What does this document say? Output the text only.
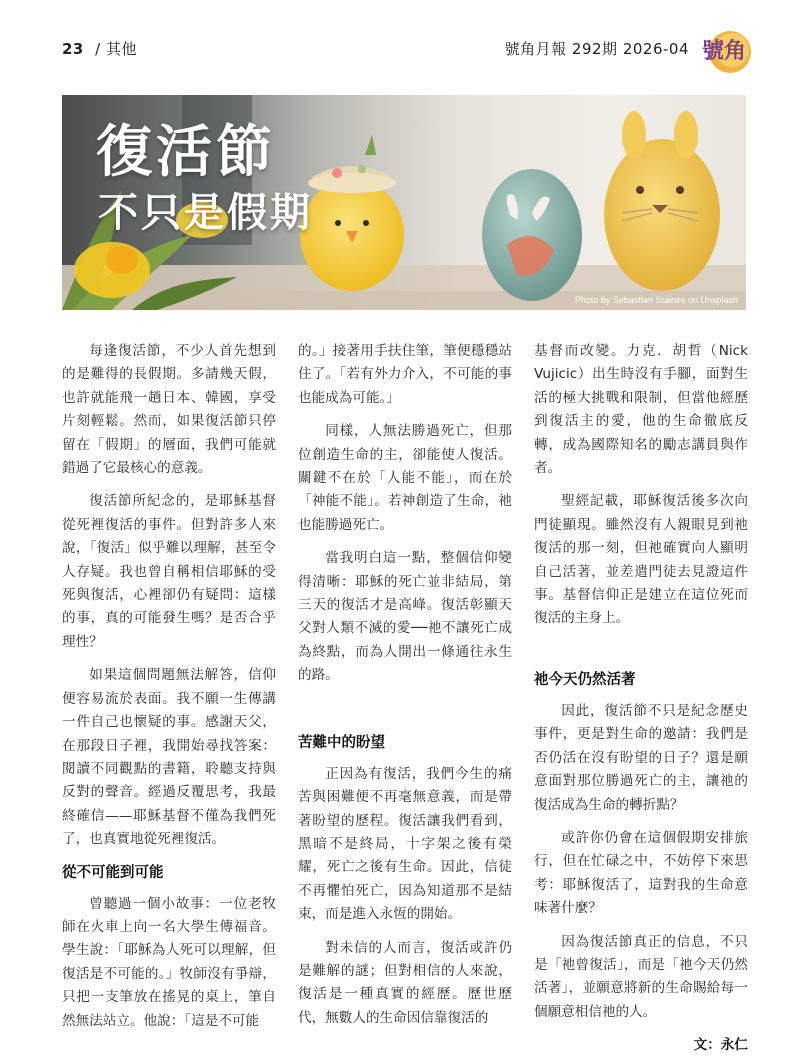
23 / 其他	號角月報 292期 2026-04 號角
復活節
不只是假期
Photo by Sebastian Staines on Unsplash

每逢復活節，不少人首先想到的是難得的長假期。多請幾天假，也許就能飛一趟日本、韓國，享受片刻輕鬆。然而，如果復活節只停留在「假期」的層面，我們可能就錯過了它最核心的意義。

復活節所紀念的，是耶穌基督從死裡復活的事件。但對許多人來說，「復活」似乎難以理解，甚至令人存疑。我也曾自稱相信耶穌的受死與復活，心裡卻仍有疑問：這樣的事，真的可能發生嗎？是否合乎理性？

如果這個問題無法解答，信仰便容易流於表面。我不願一生傳講一件自己也懷疑的事。感謝天父，在那段日子裡，我開始尋找答案：閱讀不同觀點的書籍，聆聽支持與反對的聲音。經過反覆思考，我最終確信——耶穌基督不僅為我們死了，也真實地從死裡復活。

從不可能到可能

曾聽過一個小故事：一位老牧師在火車上向一名大學生傳福音。學生說：「耶穌為人死可以理解，但復活是不可能的。」牧師沒有爭辯，只把一支筆放在搖晃的桌上，筆自然無法站立。他說：「這是不可能

的。」接著用手扶住筆，筆便穩穩站住了。「若有外力介入，不可能的事也能成為可能。」

同樣，人無法勝過死亡，但那位創造生命的主，卻能使人復活。關鍵不在於「人能不能」，而在於「神能不能」。若神創造了生命，祂也能勝過死亡。

當我明白這一點，整個信仰變得清晰：耶穌的死亡並非結局，第三天的復活才是高峰。復活彰顯天父對人類不滅的愛──祂不讓死亡成為終點，而為人開出一條通往永生的路。

苦難中的盼望

正因為有復活，我們今生的痛苦與困難便不再毫無意義，而是帶著盼望的歷程。復活讓我們看到，黑暗不是終局，十字架之後有榮耀，死亡之後有生命。因此，信徒不再懼怕死亡，因為知道那不是結束，而是進入永恆的開始。

對未信的人而言，復活或許仍是難解的謎；但對相信的人來說，復活是一種真實的經歷。歷世歷代，無數人的生命因信靠復活的

基督而改變。力克．胡哲（Nick Vujicic）出生時沒有手腳，面對生活的極大挑戰和限制，但當他經歷到復活主的愛，他的生命徹底反轉，成為國際知名的勵志講員與作者。

聖經記載，耶穌復活後多次向門徒顯現。雖然沒有人親眼見到祂復活的那一刻，但祂確實向人顯明自己活著，並差遣門徒去見證這件事。基督信仰正是建立在這位死而復活的主身上。

祂今天仍然活著

因此，復活節不只是紀念歷史事件，更是對生命的邀請：我們是否仍活在沒有盼望的日子？還是願意面對那位勝過死亡的主，讓祂的復活成為生命的轉折點？

或許你仍會在這個假期安排旅行，但在忙碌之中，不妨停下來思考：耶穌復活了，這對我的生命意味著什麼？

因為復活節真正的信息，不只是「祂曾復活」，而是「祂今天仍然活著」，並願意將新的生命賜給每一個願意相信祂的人。

文：永仁
